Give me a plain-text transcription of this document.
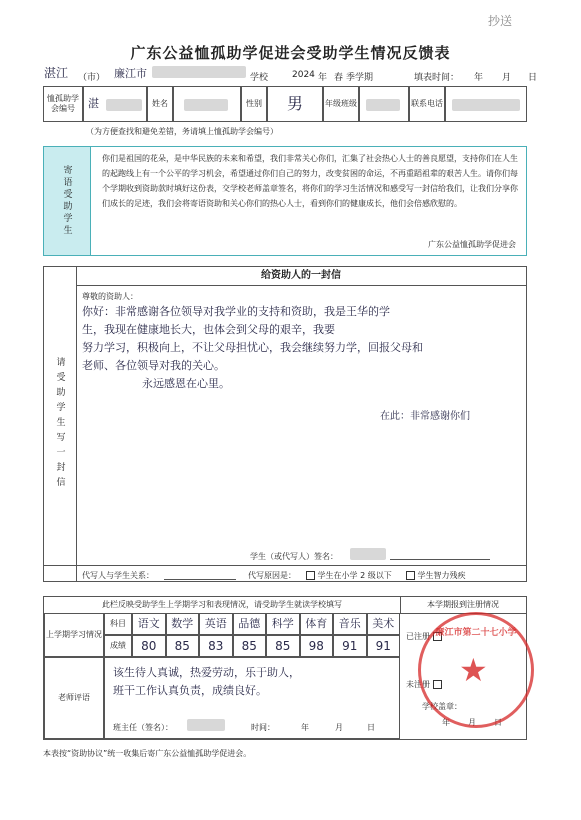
抄送
广东公益恤孤助学促进会受助学生情况反馈表
湛江 （市） 廉江市	学校	2024 年 春 季学期	填表时间： 年 月 日
恤孤助学会编号	湛	姓名	性别 男	年级班级	联系电话
（为方便查找和避免差错，务请填上恤孤助学会编号）
寄语受助学生
你们是祖国的花朵，是中华民族的未来和希望，我们非常关心你们，汇集了社会热心人士的善良愿望，支持你们在人生的起跑线上有一个公平的学习机会，希望通过你们自己的努力，改变贫困的命运，不再重蹈祖辈的艰苦人生。请你们每个学期收到资助款时填好这份表，交学校老师盖章签名，将你们的学习生活情况和感受写一封信给我们，让我们分享你们成长的足迹，我们会将寄语资助和关心你们的热心人士，看到你们的健康成长，他们会倍感欣慰的。
广东公益恤孤助学促进会
请受助学生写一封信
给资助人的一封信
尊敬的资助人：
你好：非常感谢各位领导对我学业的支持和资助，我是王华的学
生，我现在健康地长大，也体会到父母的艰辛，我要
努力学习，积极向上，不让父母担忧心，我会继续努力学，回报父母和
老师、各位领导对我的关心。
永远感恩在心里。
在此：非常感谢你们
学生（或代写人）签名：
代写人与学生关系：	代写原因是：	学生在小学 2 级以下	学生智力残疾
此栏反映受助学生上学期学习和表现情况，请受助学生就读学校填写	本学期报到注册情况
上学期学习情况
科目
成绩
语文	数学	英语	品德	科学	体育	音乐	美术
80	85	83	85	85	98	91	91
老师评语
该生待人真诚，热爱劳动，乐于助人，
班干工作认真负责，成绩良好。
班主任（签名）：	时间：	年	月	日
已注册
未注册
学校盖章：
年 月 日
廉江市第二十七小学
★
本表按“资助协议”统一收集后寄广东公益恤孤助学促进会。
